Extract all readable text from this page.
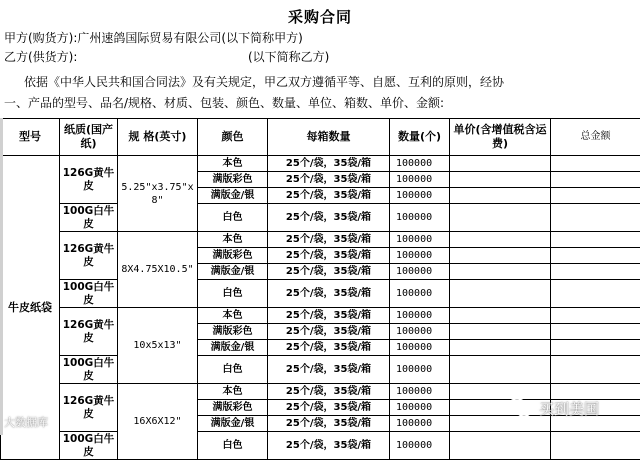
采购合同
甲方(购货方):广州速鸽国际贸易有限公司(以下简称甲方)
乙方(供货方):	(以下简称乙方)
依据《中华人民共和国合同法》及有关规定，甲乙双方遵循平等、自愿、互利的原则，经协
一、产品的型号、品名/规格、材质、包装、颜色、数量、单位、箱数、单价、金额:
型号	纸质(国产纸)	规 格(英寸)	颜色	每箱数量	数量(个)	单价(含增值税含运费)	总金额
牛皮纸袋	126G黄牛皮	5.25"x3.75"x 8"	本色	25个/袋，35袋/箱	100000		
			满版彩色	25个/袋，35袋/箱	100000		
			满版金/银	25个/袋，35袋/箱	100000		
	100G白牛皮		白色	25个/袋，35袋/箱	100000		
	126G黄牛皮	8X4.75X10.5"	本色	25个/袋，35袋/箱	100000		
			满版彩色	25个/袋，35袋/箱	100000		
			满版金/银	25个/袋，35袋/箱	100000		
	100G白牛皮		白色	25个/袋，35袋/箱	100000		
	126G黄牛皮	10x5x13"	本色	25个/袋，35袋/箱	100000		
			满版彩色	25个/袋，35袋/箱	100000		
			满版金/银	25个/袋，35袋/箱	100000		
	100G白牛皮		白色	25个/袋，35袋/箱	100000		
	126G黄牛皮	16X6X12"	本色	25个/袋，35袋/箱	100000		
			满版彩色	25个/袋，35袋/箱	100000		
			满版金/银	25个/袋，35袋/箱	100000		
	100G白牛皮		白色	25个/袋，35袋/箱	100000		
大数据库
买到美国
